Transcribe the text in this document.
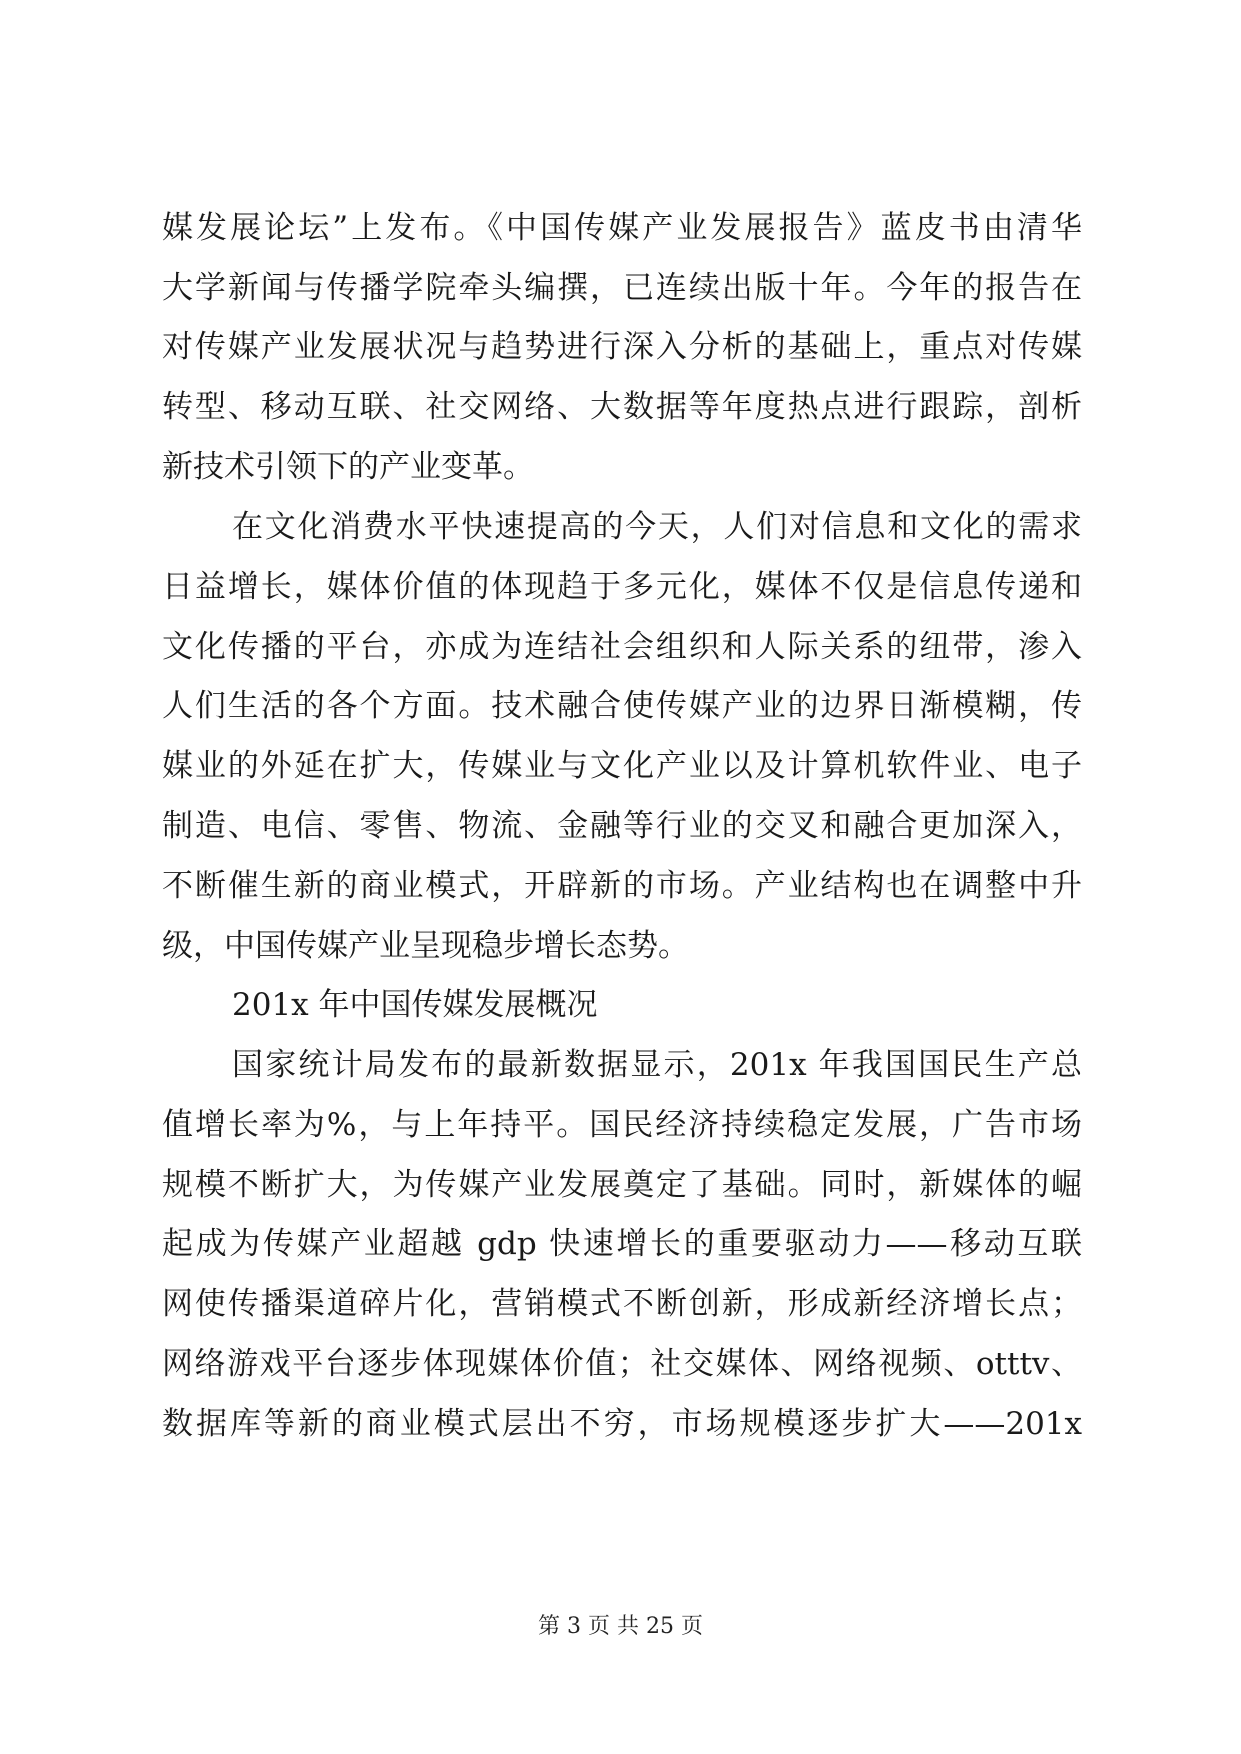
媒发展论坛”上发布。《中国传媒产业发展报告》蓝皮书由清华
大学新闻与传播学院牵头编撰，已连续出版十年。今年的报告在
对传媒产业发展状况与趋势进行深入分析的基础上，重点对传媒
转型、移动互联、社交网络、大数据等年度热点进行跟踪，剖析
新技术引领下的产业变革。
在文化消费水平快速提高的今天，人们对信息和文化的需求
日益增长，媒体价值的体现趋于多元化，媒体不仅是信息传递和
文化传播的平台，亦成为连结社会组织和人际关系的纽带，渗入
人们生活的各个方面。技术融合使传媒产业的边界日渐模糊，传
媒业的外延在扩大，传媒业与文化产业以及计算机软件业、电子
制造、电信、零售、物流、金融等行业的交叉和融合更加深入，
不断催生新的商业模式，开辟新的市场。产业结构也在调整中升
级，中国传媒产业呈现稳步增长态势。
201x 年中国传媒发展概况
国家统计局发布的最新数据显示，201x 年我国国民生产总
值增长率为%，与上年持平。国民经济持续稳定发展，广告市场
规模不断扩大，为传媒产业发展奠定了基础。同时，新媒体的崛
起成为传媒产业超越 gdp 快速增长的重要驱动力——移动互联
网使传播渠道碎片化，营销模式不断创新，形成新经济增长点；
网络游戏平台逐步体现媒体价值；社交媒体、网络视频、otttv、
数据库等新的商业模式层出不穷，市场规模逐步扩大——201x
第 3 页 共 25 页
